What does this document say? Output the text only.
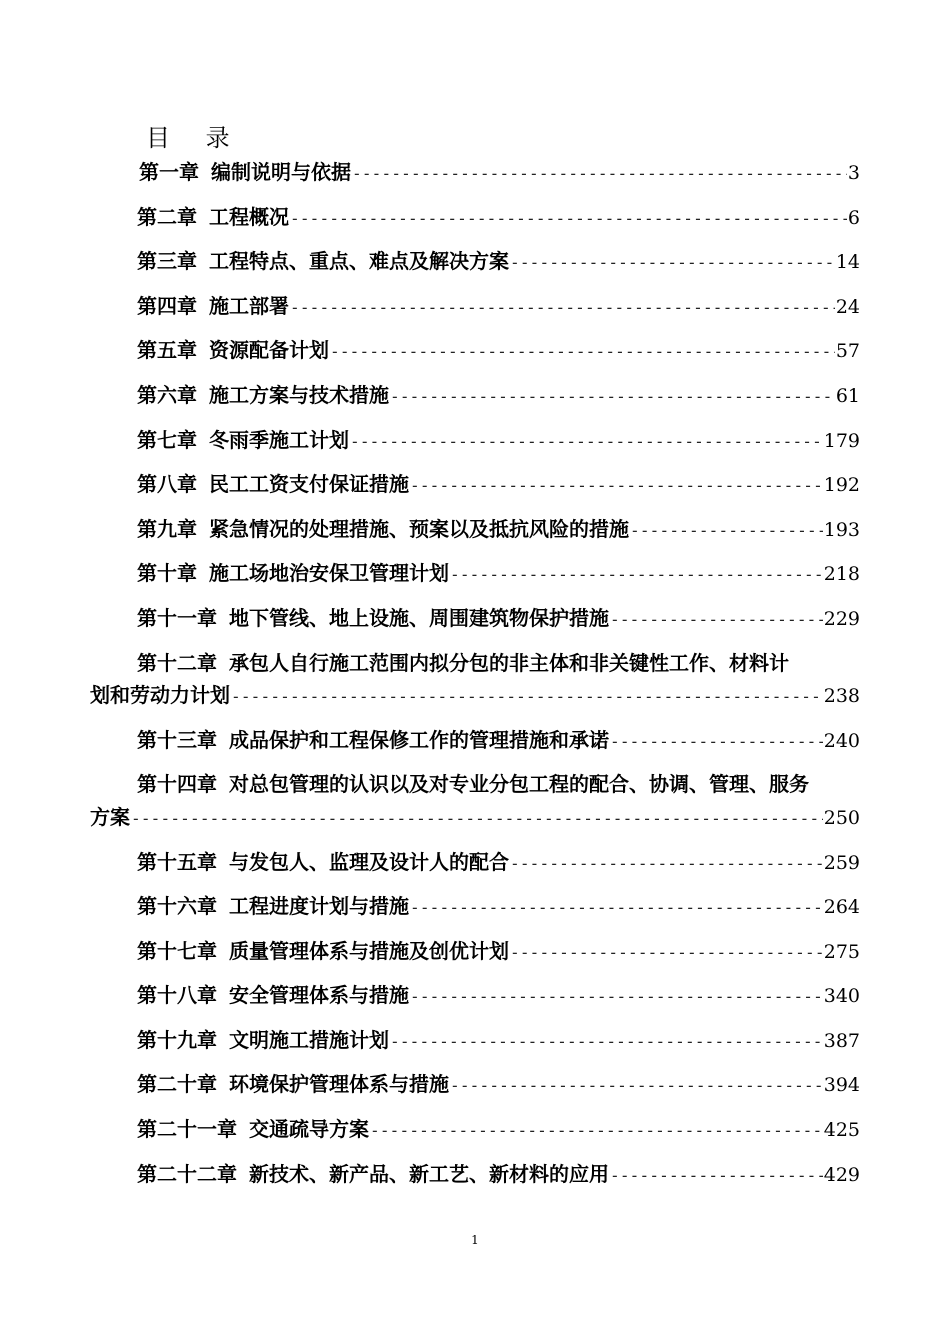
目 录
第一章 编制说明与依据 -----	3
第二章 工程概况 -----	6
第三章 工程特点、重点、难点及解决方案 -----	14
第四章 施工部署 -----	24
第五章 资源配备计划 -----	57
第六章 施工方案与技术措施 -----	61
第七章 冬雨季施工计划 -----	179
第八章 民工工资支付保证措施 -----	192
第九章 紧急情况的处理措施、预案以及抵抗风险的措施 -----	193
第十章 施工场地治安保卫管理计划 -----	218
第十一章 地下管线、地上设施、周围建筑物保护措施 -----	229
第十二章 承包人自行施工范围内拟分包的非主体和非关键性工作、材料计
划和劳动力计划 -----	238
第十三章 成品保护和工程保修工作的管理措施和承诺 -----	240
第十四章 对总包管理的认识以及对专业分包工程的配合、协调、管理、服务
方案 -----	250
第十五章 与发包人、监理及设计人的配合 -----	259
第十六章 工程进度计划与措施 -----	264
第十七章 质量管理体系与措施及创优计划 -----	275
第十八章 安全管理体系与措施 -----	340
第十九章 文明施工措施计划 -----	387
第二十章 环境保护管理体系与措施 -----	394
第二十一章 交通疏导方案 -----	425
第二十二章 新技术、新产品、新工艺、新材料的应用 -----	429
1
